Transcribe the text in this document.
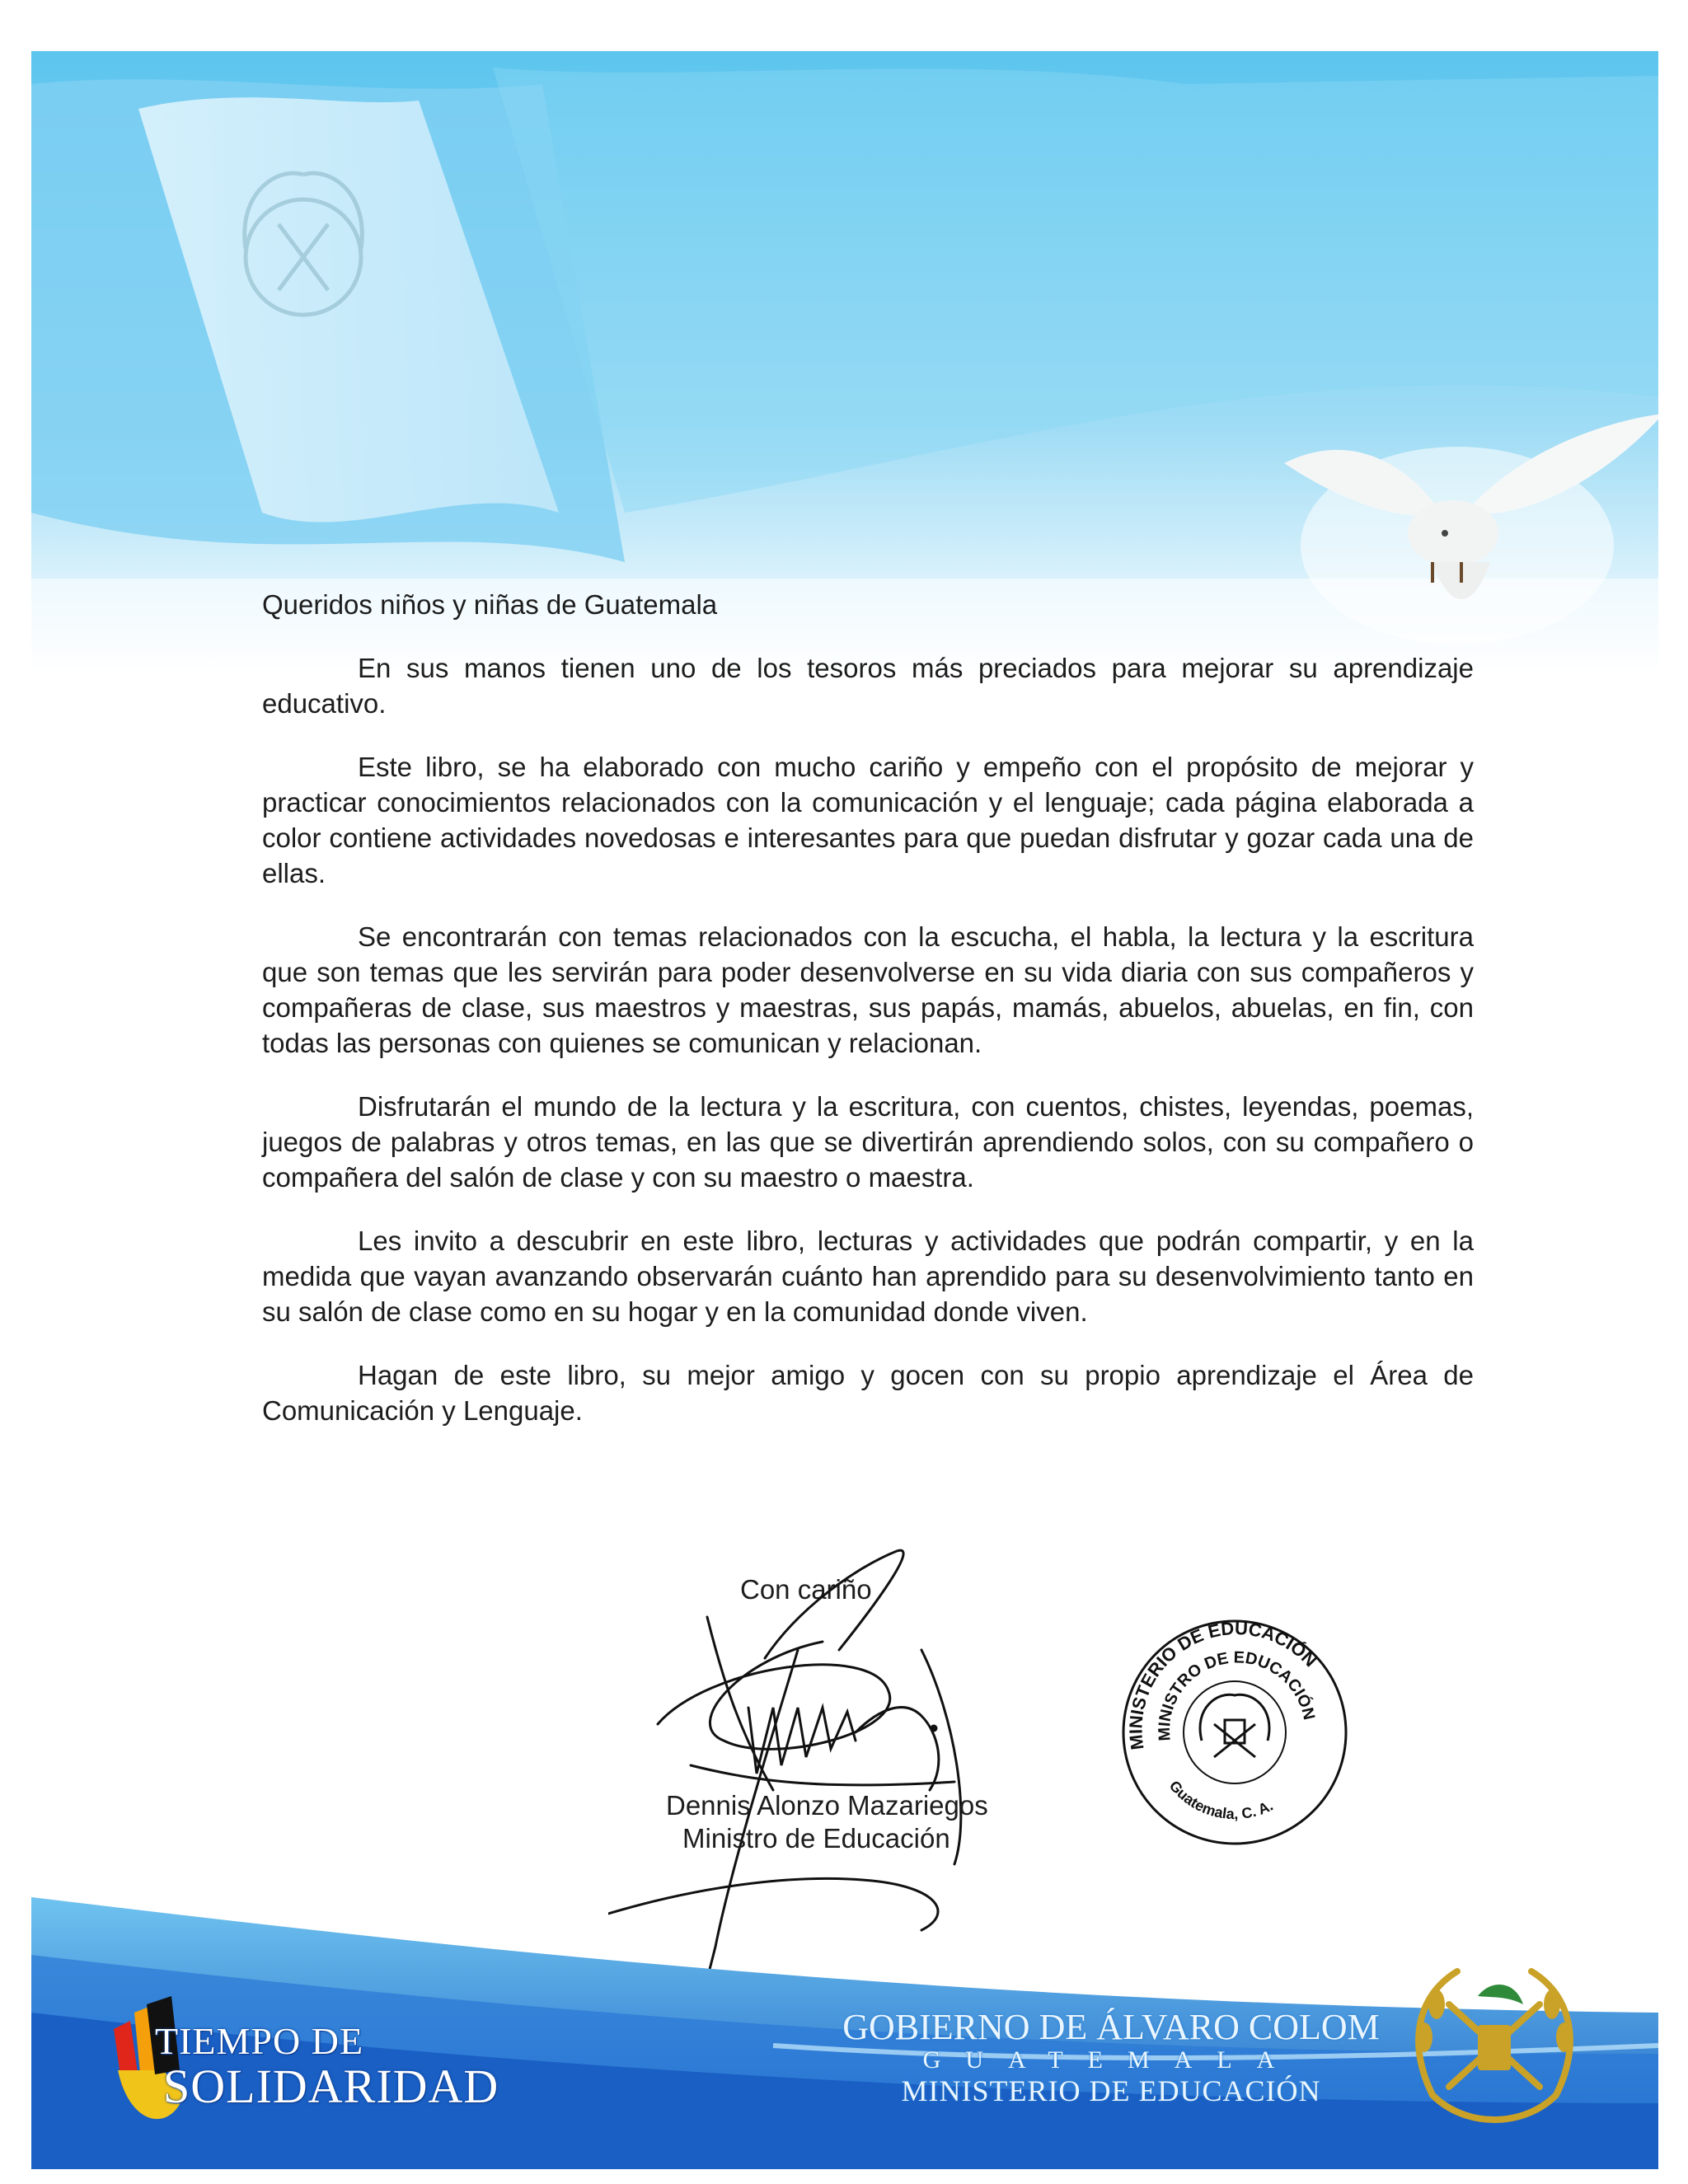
Queridos niños y niñas de Guatemala

En sus manos tienen uno de los tesoros más preciados para mejorar su aprendizaje educativo.

Este libro, se ha elaborado con mucho cariño y empeño con el propósito de mejorar y practicar conocimientos relacionados con la comunicación y el lenguaje; cada página elaborada a color contiene actividades novedosas e interesantes para que puedan disfrutar y gozar cada una de ellas.

Se encontrarán con temas relacionados con la escucha, el habla, la lectura y la escritura que son temas que les servirán para poder desenvolverse en su vida diaria con sus compañeros y compañeras de clase, sus maestros y maestras, sus papás, mamás, abuelos, abuelas, en fin, con todas las personas con quienes se comunican y relacionan.

Disfrutarán el mundo de la lectura y la escritura, con cuentos, chistes, leyendas, poemas, juegos de palabras y otros temas, en las que se divertirán aprendiendo solos, con su compañero o compañera del salón de clase y con su maestro o maestra.

Les invito a descubrir en este libro, lecturas y actividades que podrán compartir, y en la medida que vayan avanzando observarán cuánto han aprendido para su desenvolvimiento tanto en su salón de clase como en su hogar y en la comunidad donde viven.

Hagan de este libro, su mejor amigo y gocen con su propio aprendizaje el Área de Comunicación y Lenguaje.

Con cariño
Dennis Alonzo Mazariegos
Ministro de Educación
MINISTERIO DE EDUCACIÓN
MINISTRO DE EDUCACIÓN
Guatemala, C. A.
TIEMPO DE
SOLIDARIDAD
GOBIERNO DE ÁLVARO COLOM
GUATEMALA
MINISTERIO DE EDUCACIÓN
